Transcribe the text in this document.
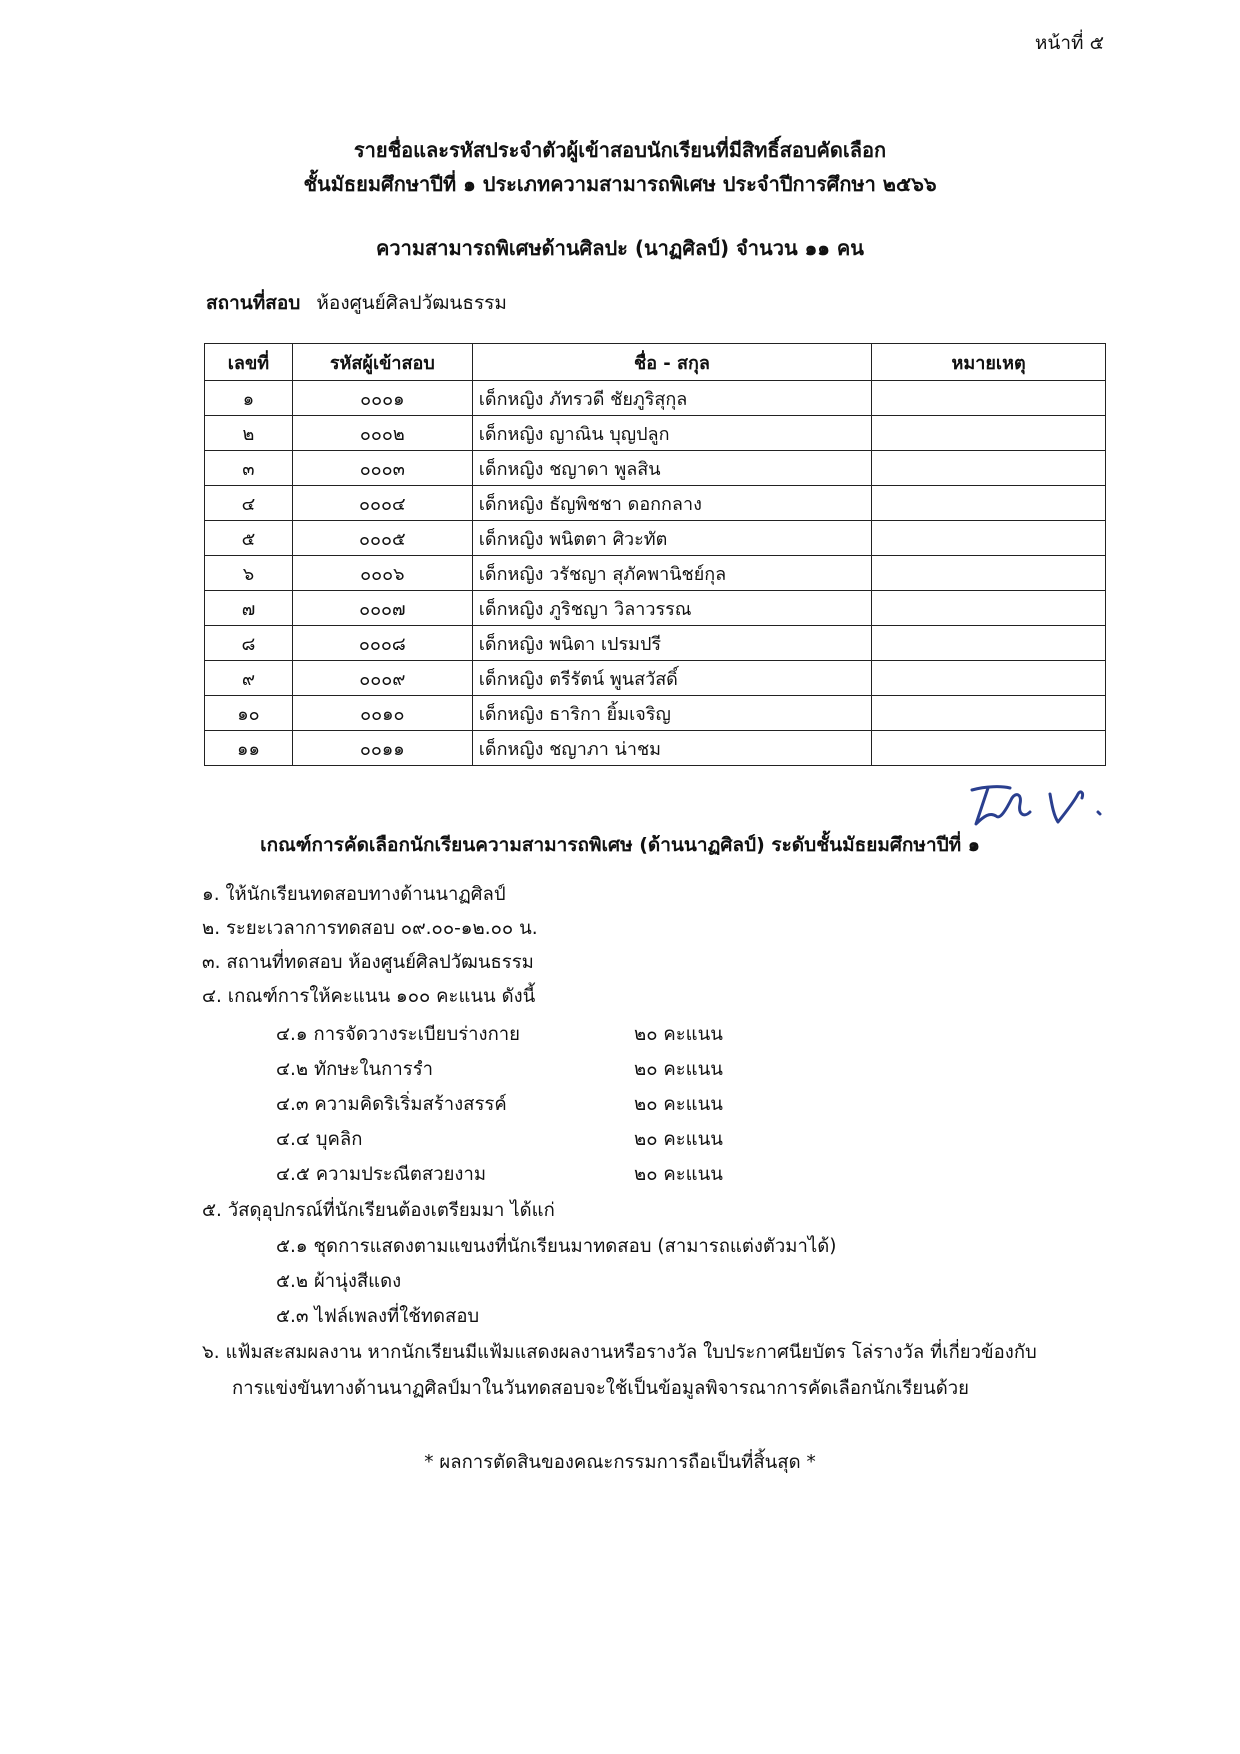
หน้าที่ ๕
รายชื่อและรหัสประจำตัวผู้เข้าสอบนักเรียนที่มีสิทธิ์สอบคัดเลือก
ชั้นมัธยมศึกษาปีที่ ๑ ประเภทความสามารถพิเศษ ประจำปีการศึกษา ๒๕๖๖
ความสามารถพิเศษด้านศิลปะ (นาฏศิลป์) จำนวน ๑๑ คน
สถานที่สอบ ห้องศูนย์ศิลปวัฒนธรรม
เลขที่	รหัสผู้เข้าสอบ	ชื่อ - สกุล	หมายเหตุ
๑	๐๐๐๑	เด็กหญิง ภัทรวดี ชัยภูริสุกุล	
๒	๐๐๐๒	เด็กหญิง ญาณิน บุญปลูก	
๓	๐๐๐๓	เด็กหญิง ชญาดา พูลสิน	
๔	๐๐๐๔	เด็กหญิง ธัญพิชชา ดอกกลาง	
๕	๐๐๐๕	เด็กหญิง พนิตตา ศิวะทัต	
๖	๐๐๐๖	เด็กหญิง วรัชญา สุภัคพานิชย์กุล	
๗	๐๐๐๗	เด็กหญิง ภูริชญา วิลาวรรณ	
๘	๐๐๐๘	เด็กหญิง พนิดา เปรมปรี	
๙	๐๐๐๙	เด็กหญิง ตรีรัตน์ พูนสวัสดิ์	
๑๐	๐๐๑๐	เด็กหญิง ธาริกา ยิ้มเจริญ	
๑๑	๐๐๑๑	เด็กหญิง ชญาภา น่าชม	
เกณฑ์การคัดเลือกนักเรียนความสามารถพิเศษ (ด้านนาฏศิลป์) ระดับชั้นมัธยมศึกษาปีที่ ๑
๑. ให้นักเรียนทดสอบทางด้านนาฏศิลป์
๒. ระยะเวลาการทดสอบ ๐๙.๐๐-๑๒.๐๐ น.
๓. สถานที่ทดสอบ ห้องศูนย์ศิลปวัฒนธรรม
๔. เกณฑ์การให้คะแนน ๑๐๐ คะแนน ดังนี้
๔.๑ การจัดวางระเบียบร่างกาย	๒๐ คะแนน
๔.๒ ทักษะในการรำ	๒๐ คะแนน
๔.๓ ความคิดริเริ่มสร้างสรรค์	๒๐ คะแนน
๔.๔ บุคลิก	๒๐ คะแนน
๔.๕ ความประณีตสวยงาม	๒๐ คะแนน
๕. วัสดุอุปกรณ์ที่นักเรียนต้องเตรียมมา ได้แก่
๕.๑ ชุดการแสดงตามแขนงที่นักเรียนมาทดสอบ (สามารถแต่งตัวมาได้)
๕.๒ ผ้านุ่งสีแดง
๕.๓ ไฟล์เพลงที่ใช้ทดสอบ
๖. แฟ้มสะสมผลงาน หากนักเรียนมีแฟ้มแสดงผลงานหรือรางวัล ใบประกาศนียบัตร โล่รางวัล ที่เกี่ยวข้องกับ
การแข่งขันทางด้านนาฏศิลป์มาในวันทดสอบจะใช้เป็นข้อมูลพิจารณาการคัดเลือกนักเรียนด้วย
* ผลการตัดสินของคณะกรรมการถือเป็นที่สิ้นสุด *
